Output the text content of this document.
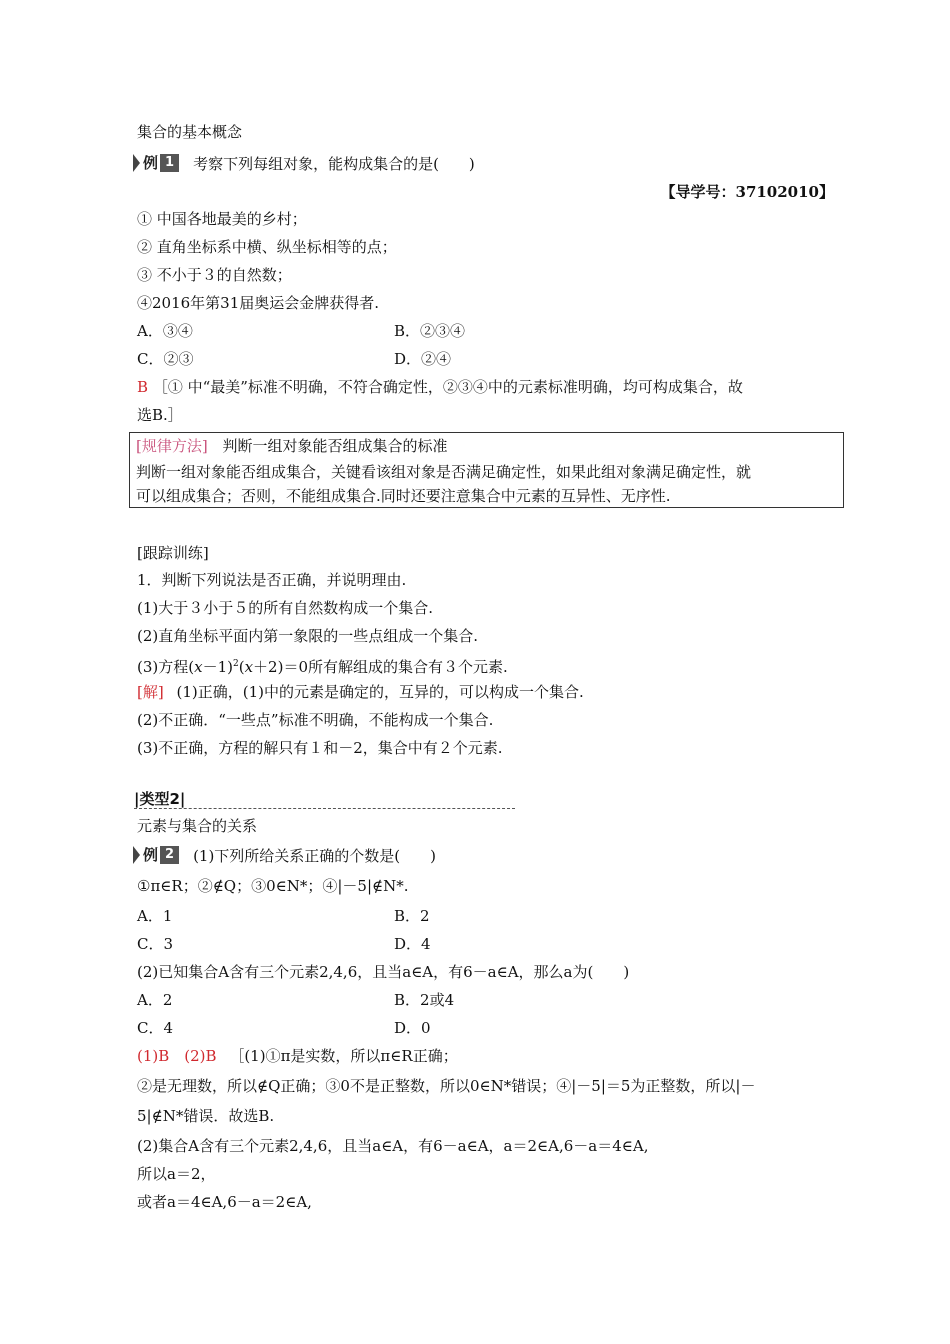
集合的基本概念
例 1	考察下列每组对象，能构成集合的是(　　)
【导学号：37102010】
① 中国各地最美的乡村；
② 直角坐标系中横、纵坐标相等的点；
③ 不小于３的自然数；
④2016年第31届奥运会金牌获得者.
A．③④	B．②③④
C．②③	D．②④
B ［① 中“最美”标准不明确，不符合确定性，②③④中的元素标准明确，均可构成集合，故
选B.］
[规律方法] 判断一组对象能否组成集合的标准
判断一组对象能否组成集合，关键看该组对象是否满足确定性，如果此组对象满足确定性，就
可以组成集合；否则，不能组成集合.同时还要注意集合中元素的互异性、无序性.
[跟踪训练]
1．判断下列说法是否正确，并说明理由.
(1)大于３小于５的所有自然数构成一个集合.
(2)直角坐标平面内第一象限的一些点组成一个集合.
(3)方程$(x-1)^2(x+2)=0$所有解组成的集合有３个元素.
[解] (1)正确，(1)中的元素是确定的，互异的，可以构成一个集合.
(2)不正确．“一些点”标准不明确，不能构成一个集合.
(3)不正确，方程的解只有１和－2，集合中有２个元素.
|类型2|
元素与集合的关系
例 2	(1)下列所给关系正确的个数是(　　)
①π∈R；②∉Q；③0∈N*；④|－5|∉N*.
A．1	B．2
C．3	D．4
(2)已知集合A含有三个元素2,4,6，且当a∈A，有6－a∈A，那么a为(　　)
A．2	B．2或4
C．4	D．0
(1)B　(2)B ［(1)①π是实数，所以π∈R正确；
②是无理数，所以∉Q正确；③0不是正整数，所以0∈N*错误；④|－5|＝5为正整数，所以|－
5|∉N*错误．故选B.
(2)集合A含有三个元素2,4,6，且当a∈A，有6－a∈A，a＝2∈A,6－a＝4∈A,
所以a＝2，
或者a＝4∈A,6－a＝2∈A,
